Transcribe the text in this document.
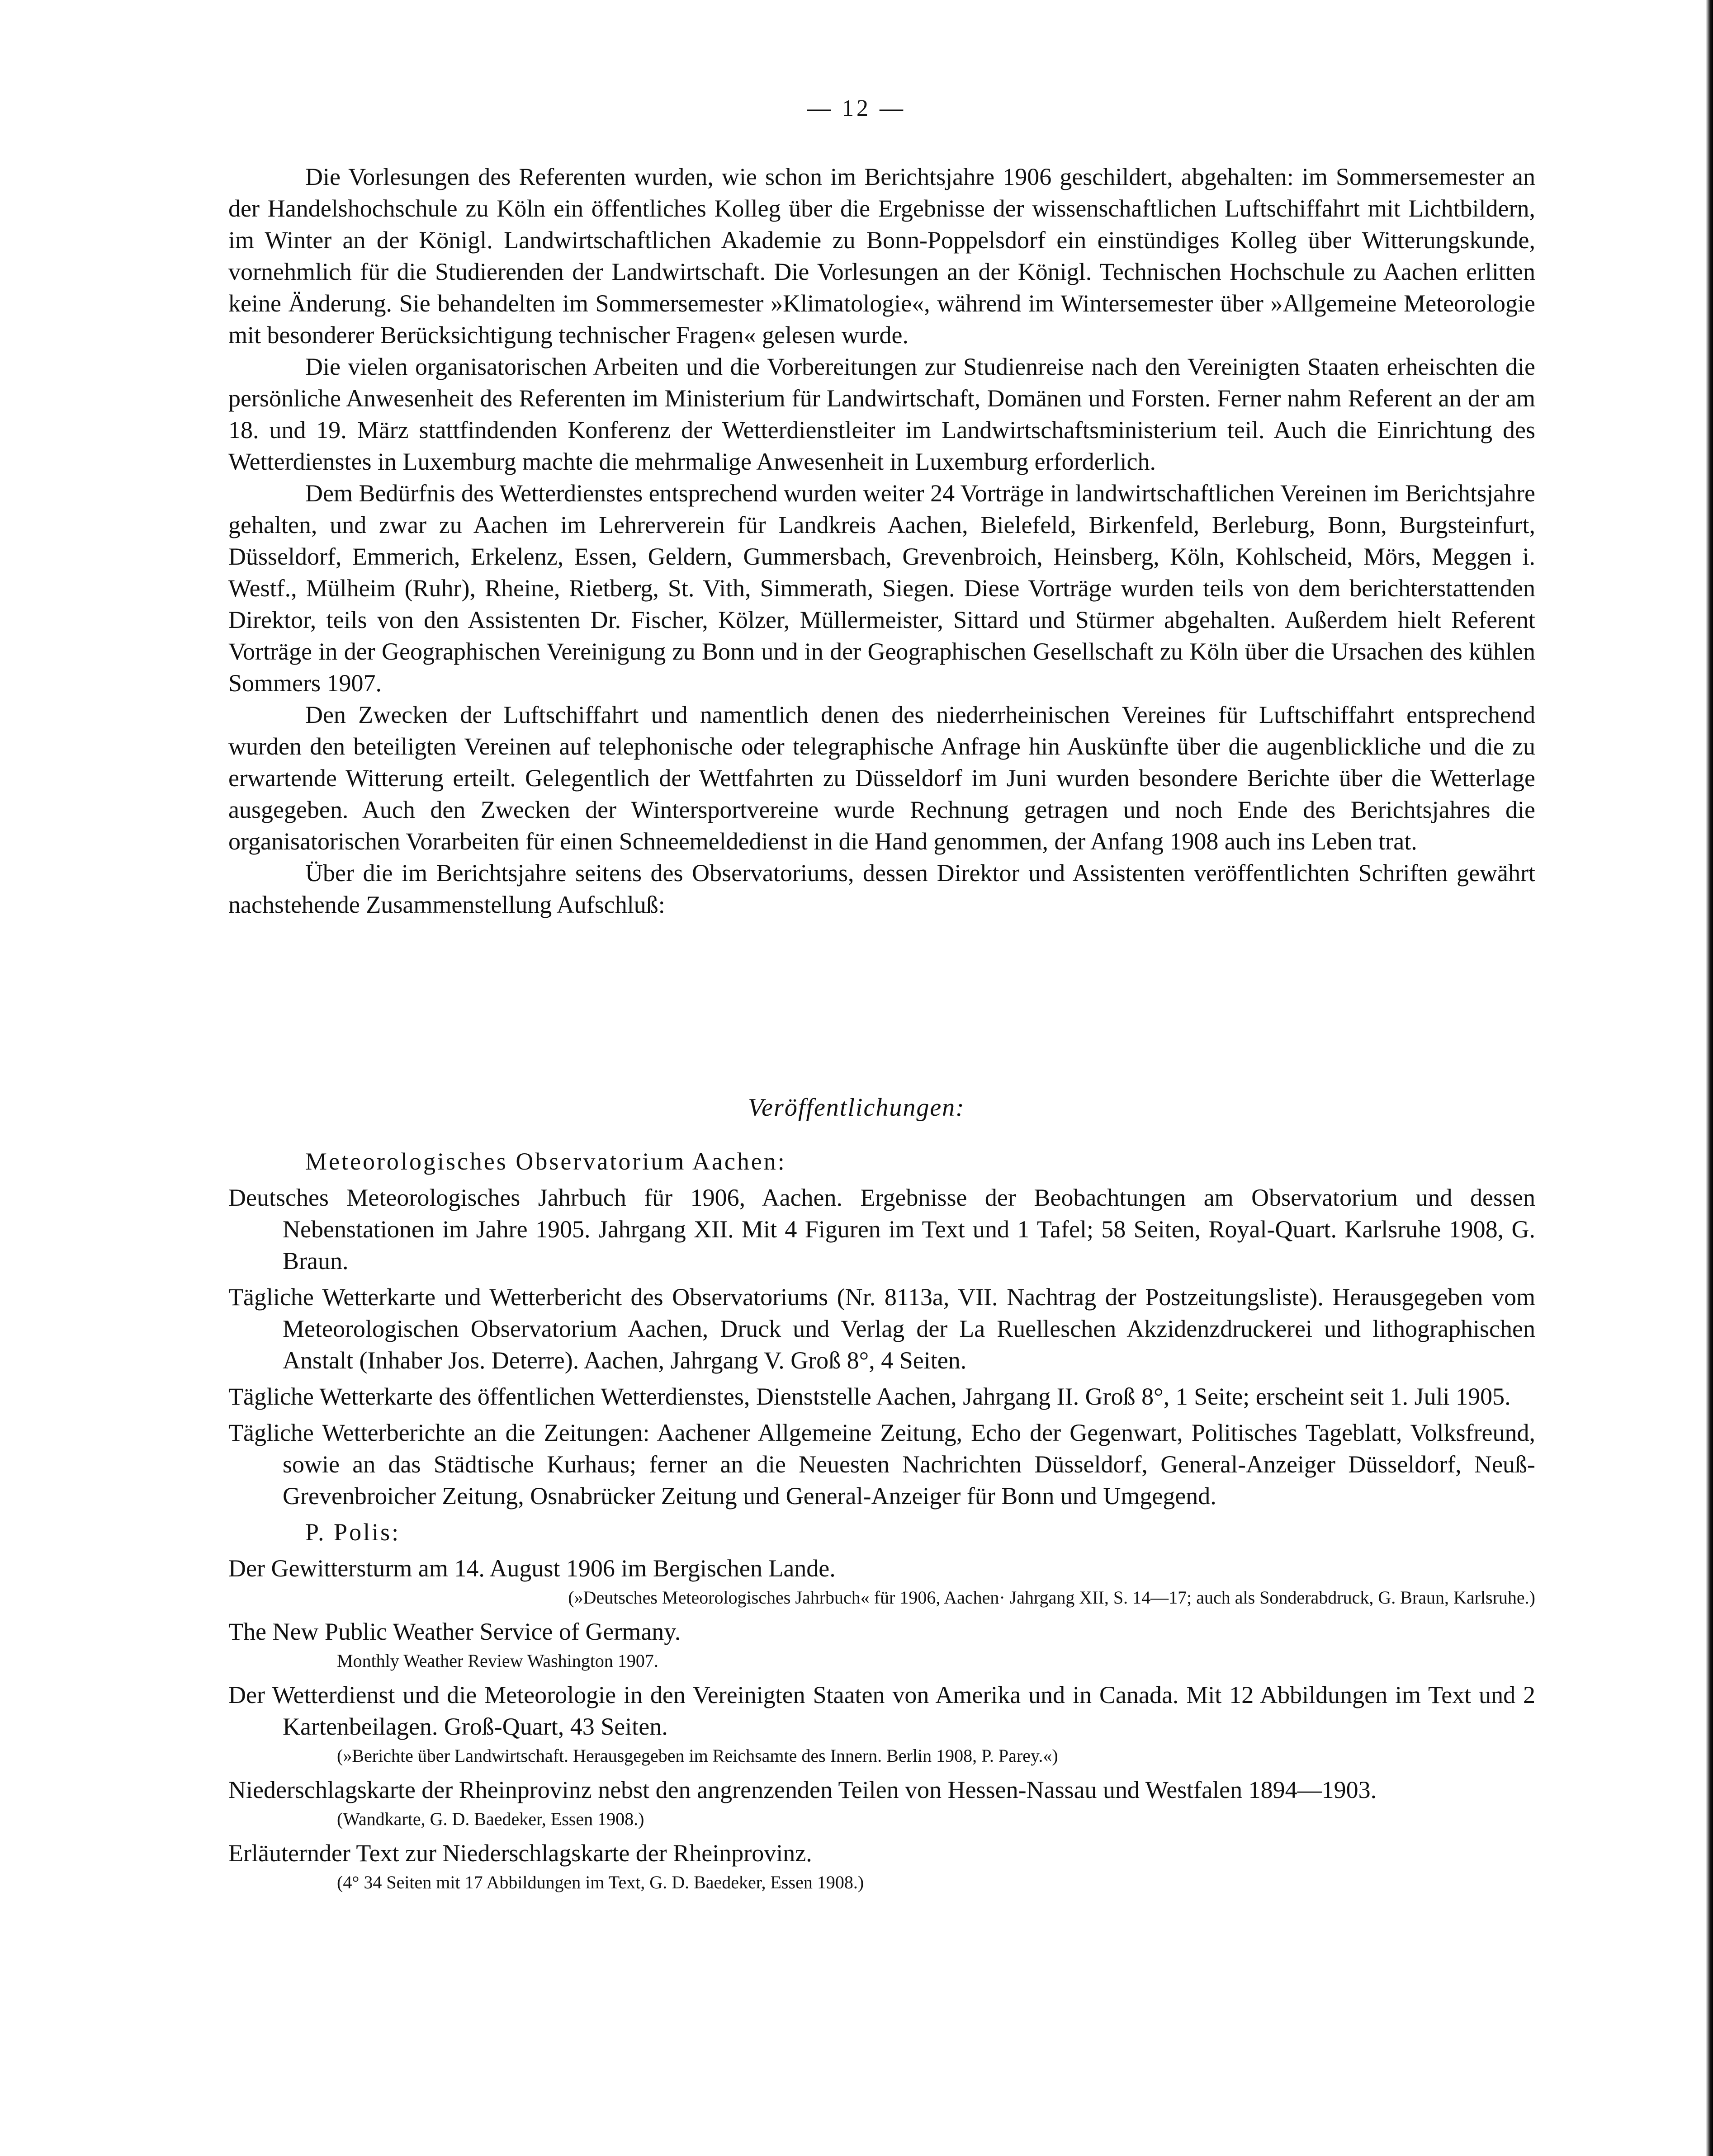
— 12 —

Die Vorlesungen des Referenten wurden, wie schon im Berichtsjahre 1906 geschildert, abgehalten: im Sommersemester an der Handelshochschule zu Köln ein öffentliches Kolleg über die Ergebnisse der wissenschaftlichen Luftschiffahrt mit Lichtbildern, im Winter an der Königl. Landwirtschaftlichen Akademie zu Bonn-Poppelsdorf ein einstündiges Kolleg über Witterungskunde, vornehmlich für die Studierenden der Landwirtschaft. Die Vorlesungen an der Königl. Technischen Hochschule zu Aachen erlitten keine Änderung. Sie behandelten im Sommersemester »Klimatologie«, während im Wintersemester über »Allgemeine Meteorologie mit besonderer Berücksichtigung technischer Fragen« gelesen wurde.

Die vielen organisatorischen Arbeiten und die Vorbereitungen zur Studienreise nach den Vereinigten Staaten erheischten die persönliche Anwesenheit des Referenten im Ministerium für Landwirtschaft, Domänen und Forsten. Ferner nahm Referent an der am 18. und 19. März stattfindenden Konferenz der Wetterdienstleiter im Landwirtschaftsministerium teil. Auch die Einrichtung des Wetterdienstes in Luxemburg machte die mehrmalige Anwesenheit in Luxemburg erforderlich.

Dem Bedürfnis des Wetterdienstes entsprechend wurden weiter 24 Vorträge in landwirtschaftlichen Vereinen im Berichtsjahre gehalten, und zwar zu Aachen im Lehrerverein für Landkreis Aachen, Bielefeld, Birkenfeld, Berleburg, Bonn, Burgsteinfurt, Düsseldorf, Emmerich, Erkelenz, Essen, Geldern, Gummersbach, Grevenbroich, Heinsberg, Köln, Kohlscheid, Mörs, Meggen i. Westf., Mülheim (Ruhr), Rheine, Rietberg, St. Vith, Simmerath, Siegen. Diese Vorträge wurden teils von dem berichterstattenden Direktor, teils von den Assistenten Dr. Fischer, Kölzer, Müllermeister, Sittard und Stürmer abgehalten. Außerdem hielt Referent Vorträge in der Geographischen Vereinigung zu Bonn und in der Geographischen Gesellschaft zu Köln über die Ursachen des kühlen Sommers 1907.

Den Zwecken der Luftschiffahrt und namentlich denen des niederrheinischen Vereines für Luftschiffahrt entsprechend wurden den beteiligten Vereinen auf telephonische oder telegraphische Anfrage hin Auskünfte über die augenblickliche und die zu erwartende Witterung erteilt. Gelegentlich der Wettfahrten zu Düsseldorf im Juni wurden besondere Berichte über die Wetterlage ausgegeben. Auch den Zwecken der Wintersportvereine wurde Rechnung getragen und noch Ende des Berichtsjahres die organisatorischen Vorarbeiten für einen Schneemeldedienst in die Hand genommen, der Anfang 1908 auch ins Leben trat.

Über die im Berichtsjahre seitens des Observatoriums, dessen Direktor und Assistenten veröffentlichten Schriften gewährt nachstehende Zusammenstellung Aufschluß:

Veröffentlichungen:

Meteorologisches Observatorium Aachen:

Deutsches Meteorologisches Jahrbuch für 1906, Aachen. Ergebnisse der Beobachtungen am Observatorium und dessen Nebenstationen im Jahre 1905. Jahrgang XII. Mit 4 Figuren im Text und 1 Tafel; 58 Seiten, Royal-Quart. Karlsruhe 1908, G. Braun.

Tägliche Wetterkarte und Wetterbericht des Observatoriums (Nr. 8113a, VII. Nachtrag der Postzeitungsliste). Herausgegeben vom Meteorologischen Observatorium Aachen, Druck und Verlag der La Ruelleschen Akzidenzdruckerei und lithographischen Anstalt (Inhaber Jos. Deterre). Aachen, Jahrgang V. Groß 8°, 4 Seiten.

Tägliche Wetterkarte des öffentlichen Wetterdienstes, Dienststelle Aachen, Jahrgang II. Groß 8°, 1 Seite; erscheint seit 1. Juli 1905.

Tägliche Wetterberichte an die Zeitungen: Aachener Allgemeine Zeitung, Echo der Gegenwart, Politisches Tageblatt, Volksfreund, sowie an das Städtische Kurhaus; ferner an die Neuesten Nachrichten Düsseldorf, General-Anzeiger Düsseldorf, Neuß-Grevenbroicher Zeitung, Osnabrücker Zeitung und General-Anzeiger für Bonn und Umgegend.

P. Polis:

Der Gewittersturm am 14. August 1906 im Bergischen Lande.

(»Deutsches Meteorologisches Jahrbuch« für 1906, Aachen· Jahrgang XII, S. 14—17; auch als Sonderabdruck, G. Braun, Karlsruhe.)

The New Public Weather Service of Germany.

Monthly Weather Review Washington 1907.

Der Wetterdienst und die Meteorologie in den Vereinigten Staaten von Amerika und in Canada. Mit 12 Abbildungen im Text und 2 Kartenbeilagen. Groß-Quart, 43 Seiten.

(»Berichte über Landwirtschaft. Herausgegeben im Reichsamte des Innern. Berlin 1908, P. Parey.«)

Niederschlagskarte der Rheinprovinz nebst den angrenzenden Teilen von Hessen-Nassau und Westfalen 1894—1903.

(Wandkarte, G. D. Baedeker, Essen 1908.)

Erläuternder Text zur Niederschlagskarte der Rheinprovinz.

(4° 34 Seiten mit 17 Abbildungen im Text, G. D. Baedeker, Essen 1908.)
